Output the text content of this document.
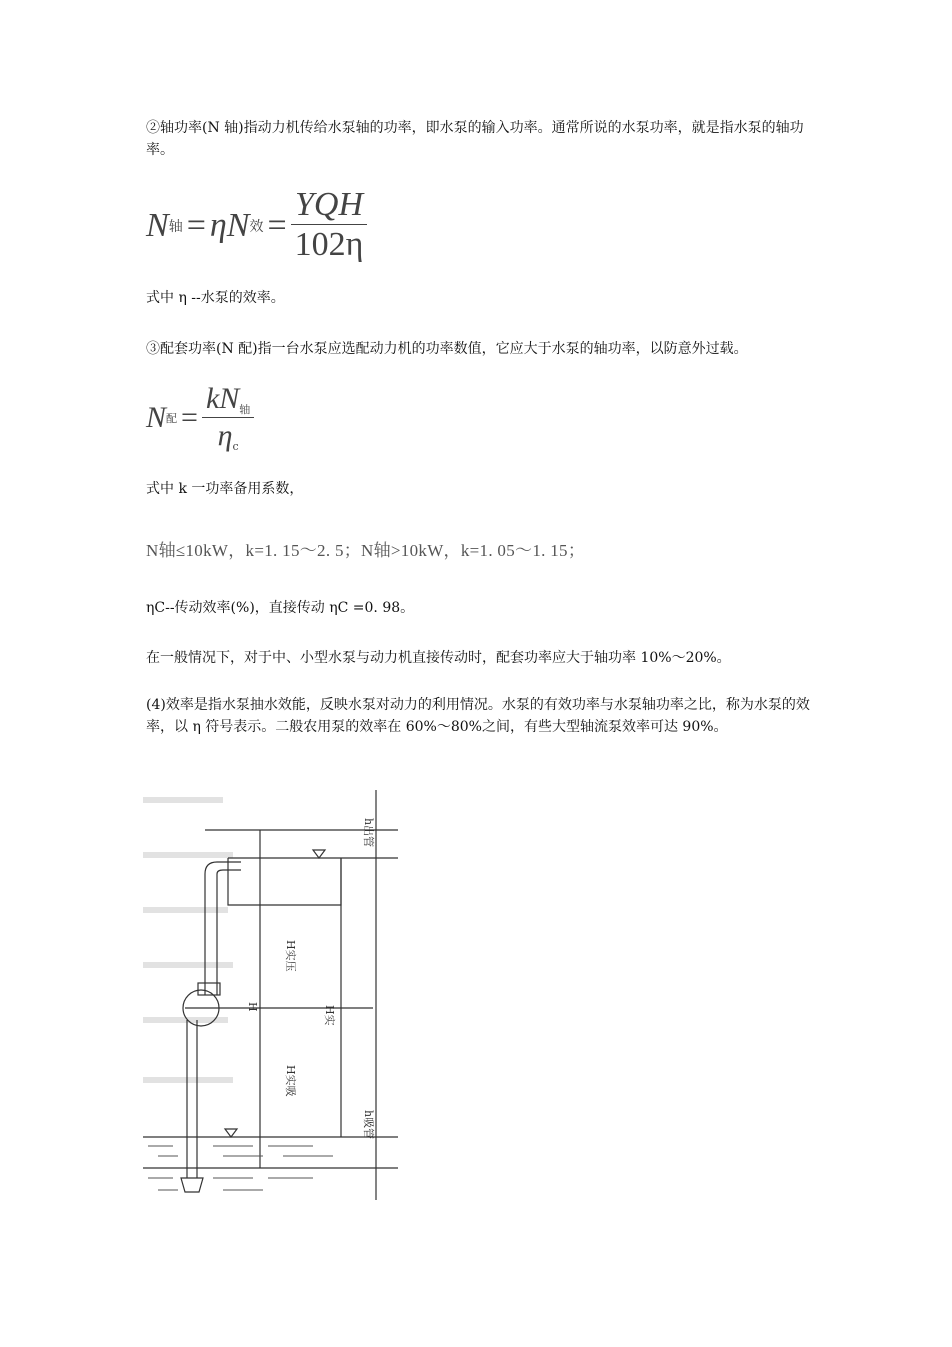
②轴功率(N 轴)指动力机传给水泵轴的功率，即水泵的输入功率。通常所说的水泵功率，就是指水泵的轴功率。

N 轴 = η N 效 = $\frac{\text{YQH}}{102\eta}$

式中 η --水泵的效率。

③配套功率(N 配)指一台水泵应选配动力机的功率数值，它应大于水泵的轴功率，以防意外过载。

N 配 = $\frac{\text{kN轴}}{\eta c}$

式中 k 一功率备用系数，

N轴≤10kW，k=1. 15～2. 5；N轴>10kW，k=1. 05～1. 15；

ηC--传动效率(%)，直接传动 ηC =0. 98。

在一般情况下，对于中、小型水泵与动力机直接传动时，配套功率应大于轴功率 10%～20%。

(4)效率是指水泵抽水效能，反映水泵对动力的利用情况。水泵的有效功率与水泵轴功率之比，称为水泵的效率，以 η 符号表示。二般农用泵的效率在 60%～80%之间，有些大型轴流泵效率可达 90%。

h出管
H实压
H	H实
H实吸
h吸管
